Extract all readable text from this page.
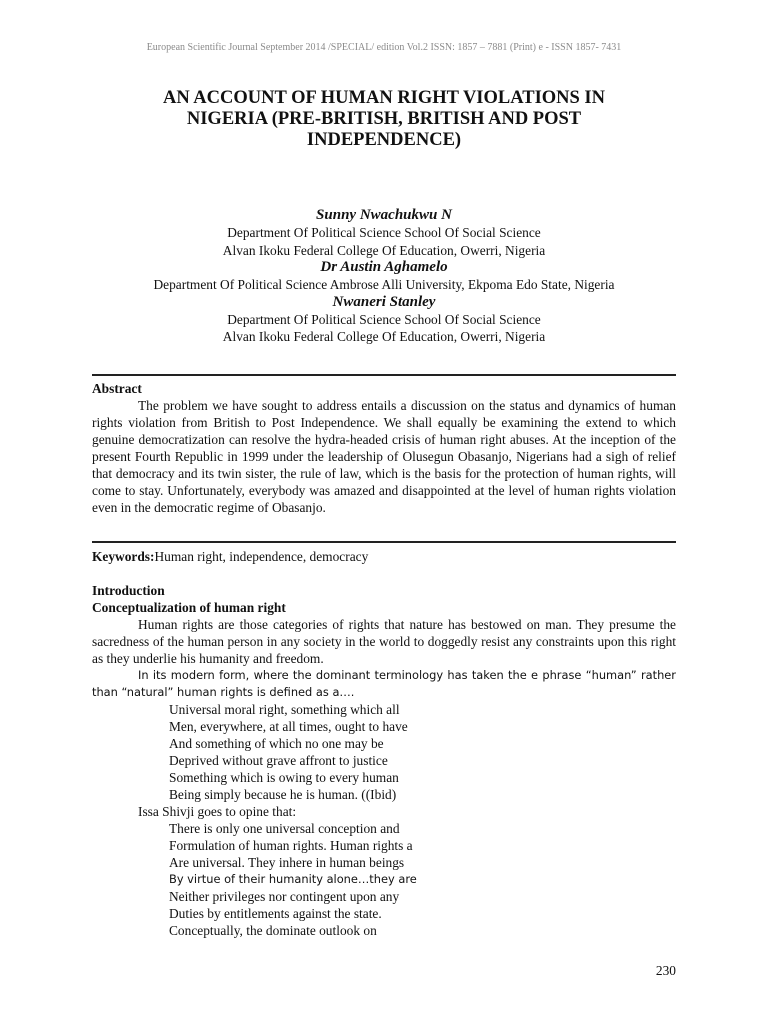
European Scientific Journal September 2014 /SPECIAL/ edition Vol.2 ISSN: 1857 – 7881 (Print) e - ISSN 1857- 7431
AN ACCOUNT OF HUMAN RIGHT VIOLATIONS IN
NIGERIA (PRE-BRITISH, BRITISH AND POST
INDEPENDENCE)
Sunny Nwachukwu N
Department Of Political Science School Of Social Science
Alvan Ikoku Federal College Of Education, Owerri, Nigeria
Dr Austin Aghamelo
Department Of Political Science Ambrose Alli University, Ekpoma Edo State, Nigeria
Nwaneri Stanley
Department Of Political Science School Of Social Science
Alvan Ikoku Federal College Of Education, Owerri, Nigeria
Abstract

The problem we have sought to address entails a discussion on the status and dynamics of human rights violation from British to Post Independence. We shall equally be examining the extend to which genuine democratization can resolve the hydra-headed crisis of human right abuses. At the inception of the present Fourth Republic in 1999 under the leadership of Olusegun Obasanjo, Nigerians had a sigh of relief that democracy and its twin sister, the rule of law, which is the basis for the protection of human rights, will come to stay. Unfortunately, everybody was amazed and disappointed at the level of human rights violation even in the democratic regime of Obasanjo.

Keywords:Human right, independence, democracy
Introduction
Conceptualization of human right

Human rights are those categories of rights that nature has bestowed on man. They presume the sacredness of the human person in any society in the world to doggedly resist any constraints upon this right as they underlie his humanity and freedom.

In its modern form, where the dominant terminology has taken the e phrase “human” rather than “natural” human rights is defined as a….

Universal moral right, something which all
Men, everywhere, at all times, ought to have
And something of which no one may be
Deprived without grave affront to justice
Something which is owing to every human
Being simply because he is human. ((Ibid)

Issa Shivji goes to opine that:

There is only one universal conception and
Formulation of human rights. Human rights a
Are universal. They inhere in human beings
By virtue of their humanity alone…they are
Neither privileges nor contingent upon any
Duties by entitlements against the state.
Conceptually, the dominate outlook on
230
